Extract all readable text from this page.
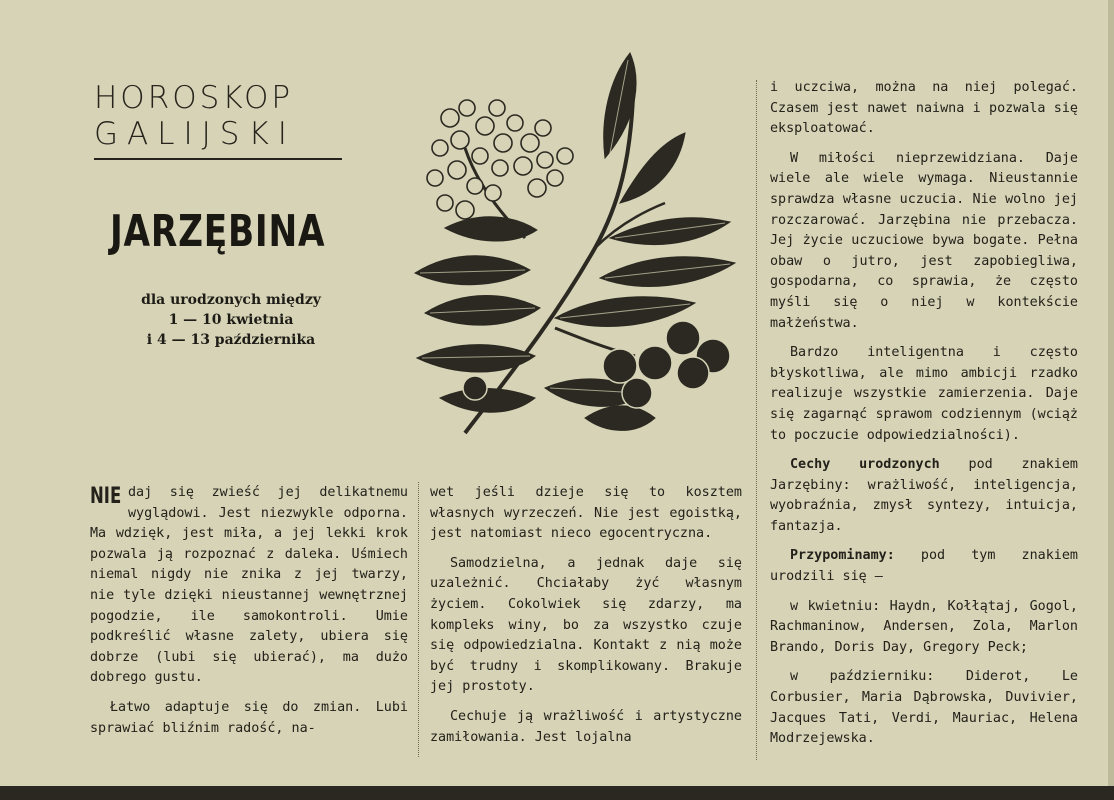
HOROSKOP
GALIJSKI
JARZĘBINA
dla urodzonych między
1 — 10 kwietnia
i 4 — 13 października

NIE daj się zwieść jej delikatnemu wyglądowi. Jest niezwykle odporna. Ma wdzięk, jest miła, a jej lekki krok pozwala ją rozpoznać z daleka. Uśmiech niemal nigdy nie znika z jej twarzy, nie tyle dzięki nieustannej wewnętrznej pogodzie, ile samokontroli. Umie podkreślić własne zalety, ubiera się dobrze (lubi się ubierać), ma dużo dobrego gustu.

Łatwo adaptuje się do zmian. Lubi sprawiać bliźnim radość, na-

wet jeśli dzieje się to kosztem własnych wyrzeczeń. Nie jest egoistką, jest natomiast nieco egocentryczna.

Samodzielna, a jednak daje się uzależnić. Chciałaby żyć własnym życiem. Cokolwiek się zdarzy, ma kompleks winy, bo za wszystko czuje się odpowiedzialna. Kontakt z nią może być trudny i skomplikowany. Brakuje jej prostoty.

Cechuje ją wrażliwość i artystyczne zamiłowania. Jest lojalna

i uczciwa, można na niej polegać. Czasem jest nawet naiwna i pozwala się eksploatować.

W miłości nieprzewidziana. Daje wiele ale wiele wymaga. Nieustannie sprawdza własne uczucia. Nie wolno jej rozczarować. Jarzębina nie przebacza. Jej życie uczuciowe bywa bogate. Pełna obaw o jutro, jest zapobiegliwa, gospodarna, co sprawia, że często myśli się o niej w kontekście małżeństwa.

Bardzo inteligentna i często błyskotliwa, ale mimo ambicji rzadko realizuje wszystkie zamierzenia. Daje się zagarnąć sprawom codziennym (wciąż to poczucie odpowiedzialności).

Cechy urodzonych pod znakiem Jarzębiny: wrażliwość, inteligencja, wyobraźnia, zmysł syntezy, intuicja, fantazja.

Przypominamy: pod tym znakiem urodzili się —

w kwietniu: Haydn, Kołłątaj, Gogol, Rachmaninow, Andersen, Zola, Marlon Brando, Doris Day, Gregory Peck;

w październiku: Diderot, Le Corbusier, Maria Dąbrowska, Duvivier, Jacques Tati, Verdi, Mauriac, Helena Modrzejewska.
